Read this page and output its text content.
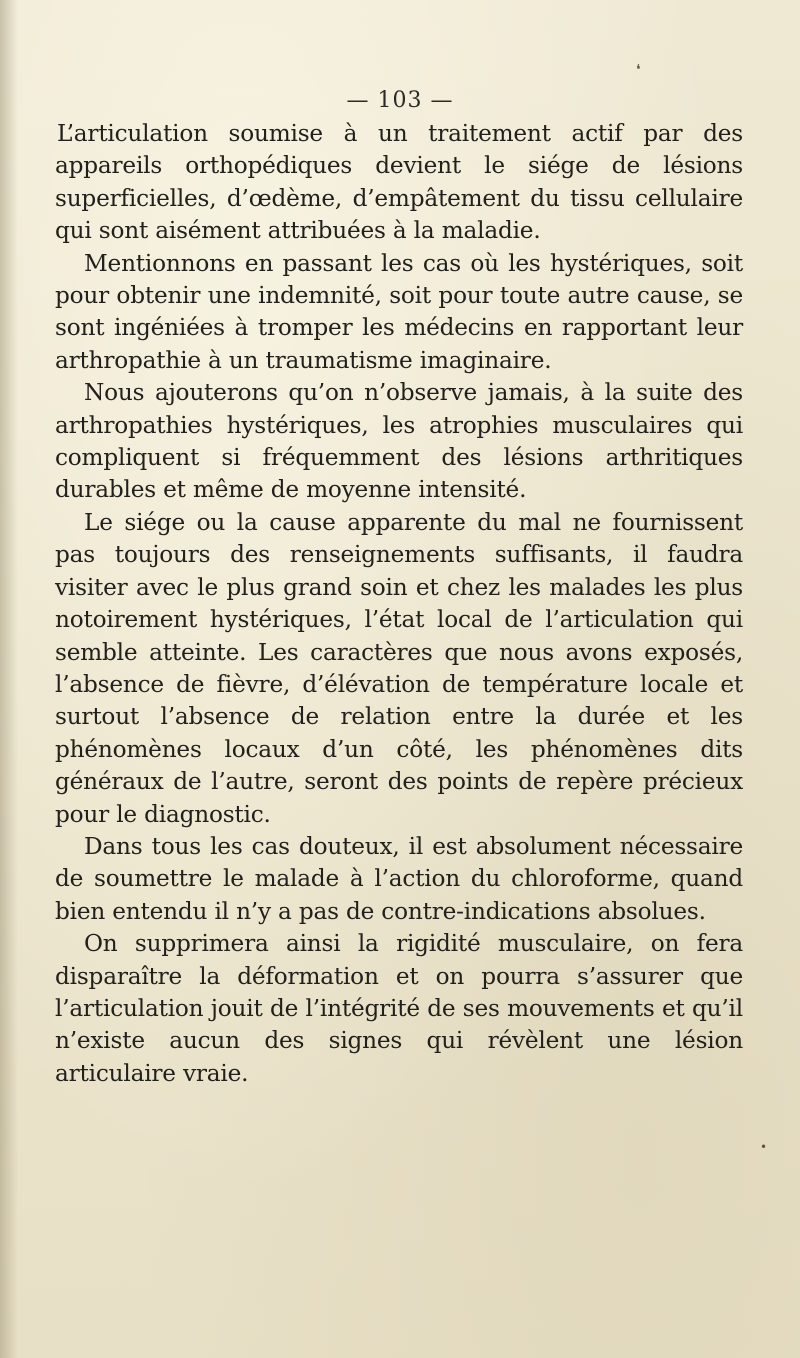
❛
•
— 103 —

L’articulation soumise à un traitement actif par des appareils orthopédiques devient le siége de lésions superficielles, d’œdème, d’empâtement du tissu cellulaire qui sont aisément attribuées à la maladie.

Mentionnons en passant les cas où les hystériques, soit pour obtenir une indemnité, soit pour toute autre cause, se sont ingéniées à tromper les médecins en rapportant leur arthropathie à un traumatisme imaginaire.

Nous ajouterons qu’on n’observe jamais, à la suite des arthropathies hystériques, les atrophies musculaires qui compliquent si fréquemment des lésions arthritiques durables et même de moyenne intensité.

Le siége ou la cause apparente du mal ne fournissent pas toujours des renseignements suffisants, il faudra visiter avec le plus grand soin et chez les malades les plus notoirement hystériques, l’état local de l’articulation qui semble atteinte. Les caractères que nous avons exposés, l’absence de fièvre, d’élévation de température locale et surtout l’absence de relation entre la durée et les phénomènes locaux d’un côté, les phénomènes dits généraux de l’autre, seront des points de repère précieux pour le diagnostic.

Dans tous les cas douteux, il est absolument nécessaire de soumettre le malade à l’action du chloroforme, quand bien entendu il n’y a pas de contre-indications absolues.

On supprimera ainsi la rigidité musculaire, on fera disparaître la déformation et on pourra s’assurer que l’articulation jouit de l’intégrité de ses mouvements et qu’il n’existe aucun des signes qui révèlent une lésion articulaire vraie.
